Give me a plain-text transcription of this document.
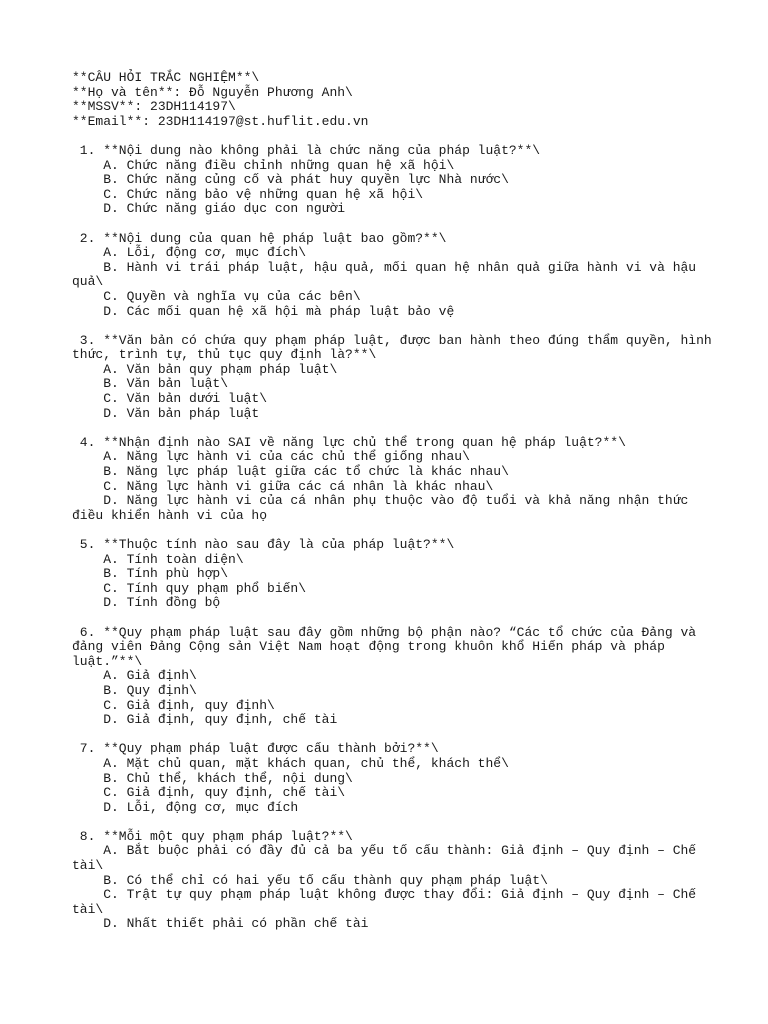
**CÂU HỎI TRẮC NGHIỆM**\
**Họ và tên**: Đỗ Nguyễn Phương Anh\
**MSSV**: 23DH114197\
**Email**: 23DH114197@st.huflit.edu.vn
1. **Nội dung nào không phải là chức năng của pháp luật?**\
A. Chức năng điều chỉnh những quan hệ xã hội\
B. Chức năng củng cố và phát huy quyền lực Nhà nước\
C. Chức năng bảo vệ những quan hệ xã hội\
D. Chức năng giáo dục con người
2. **Nội dung của quan hệ pháp luật bao gồm?**\
A. Lỗi, động cơ, mục đích\
B. Hành vi trái pháp luật, hậu quả, mối quan hệ nhân quả giữa hành vi và hậu
quả\
C. Quyền và nghĩa vụ của các bên\
D. Các mối quan hệ xã hội mà pháp luật bảo vệ
3. **Văn bản có chứa quy phạm pháp luật, được ban hành theo đúng thẩm quyền, hình
thức, trình tự, thủ tục quy định là?**\
A. Văn bản quy phạm pháp luật\
B. Văn bản luật\
C. Văn bản dưới luật\
D. Văn bản pháp luật
4. **Nhận định nào SAI về năng lực chủ thể trong quan hệ pháp luật?**\
A. Năng lực hành vi của các chủ thể giống nhau\
B. Năng lực pháp luật giữa các tổ chức là khác nhau\
C. Năng lực hành vi giữa các cá nhân là khác nhau\
D. Năng lực hành vi của cá nhân phụ thuộc vào độ tuổi và khả năng nhận thức
điều khiển hành vi của họ
5. **Thuộc tính nào sau đây là của pháp luật?**\
A. Tính toàn diện\
B. Tính phù hợp\
C. Tính quy phạm phổ biến\
D. Tính đồng bộ
6. **Quy phạm pháp luật sau đây gồm những bộ phận nào? “Các tổ chức của Đảng và
đảng viên Đảng Cộng sản Việt Nam hoạt động trong khuôn khổ Hiến pháp và pháp
luật.”**\
A. Giả định\
B. Quy định\
C. Giả định, quy định\
D. Giả định, quy định, chế tài
7. **Quy phạm pháp luật được cấu thành bởi?**\
A. Mặt chủ quan, mặt khách quan, chủ thể, khách thể\
B. Chủ thể, khách thể, nội dung\
C. Giả định, quy định, chế tài\
D. Lỗi, động cơ, mục đích
8. **Mỗi một quy phạm pháp luật?**\
A. Bắt buộc phải có đầy đủ cả ba yếu tố cấu thành: Giả định – Quy định – Chế
tài\
B. Có thể chỉ có hai yếu tố cấu thành quy phạm pháp luật\
C. Trật tự quy phạm pháp luật không được thay đổi: Giả định – Quy định – Chế
tài\
D. Nhất thiết phải có phần chế tài
